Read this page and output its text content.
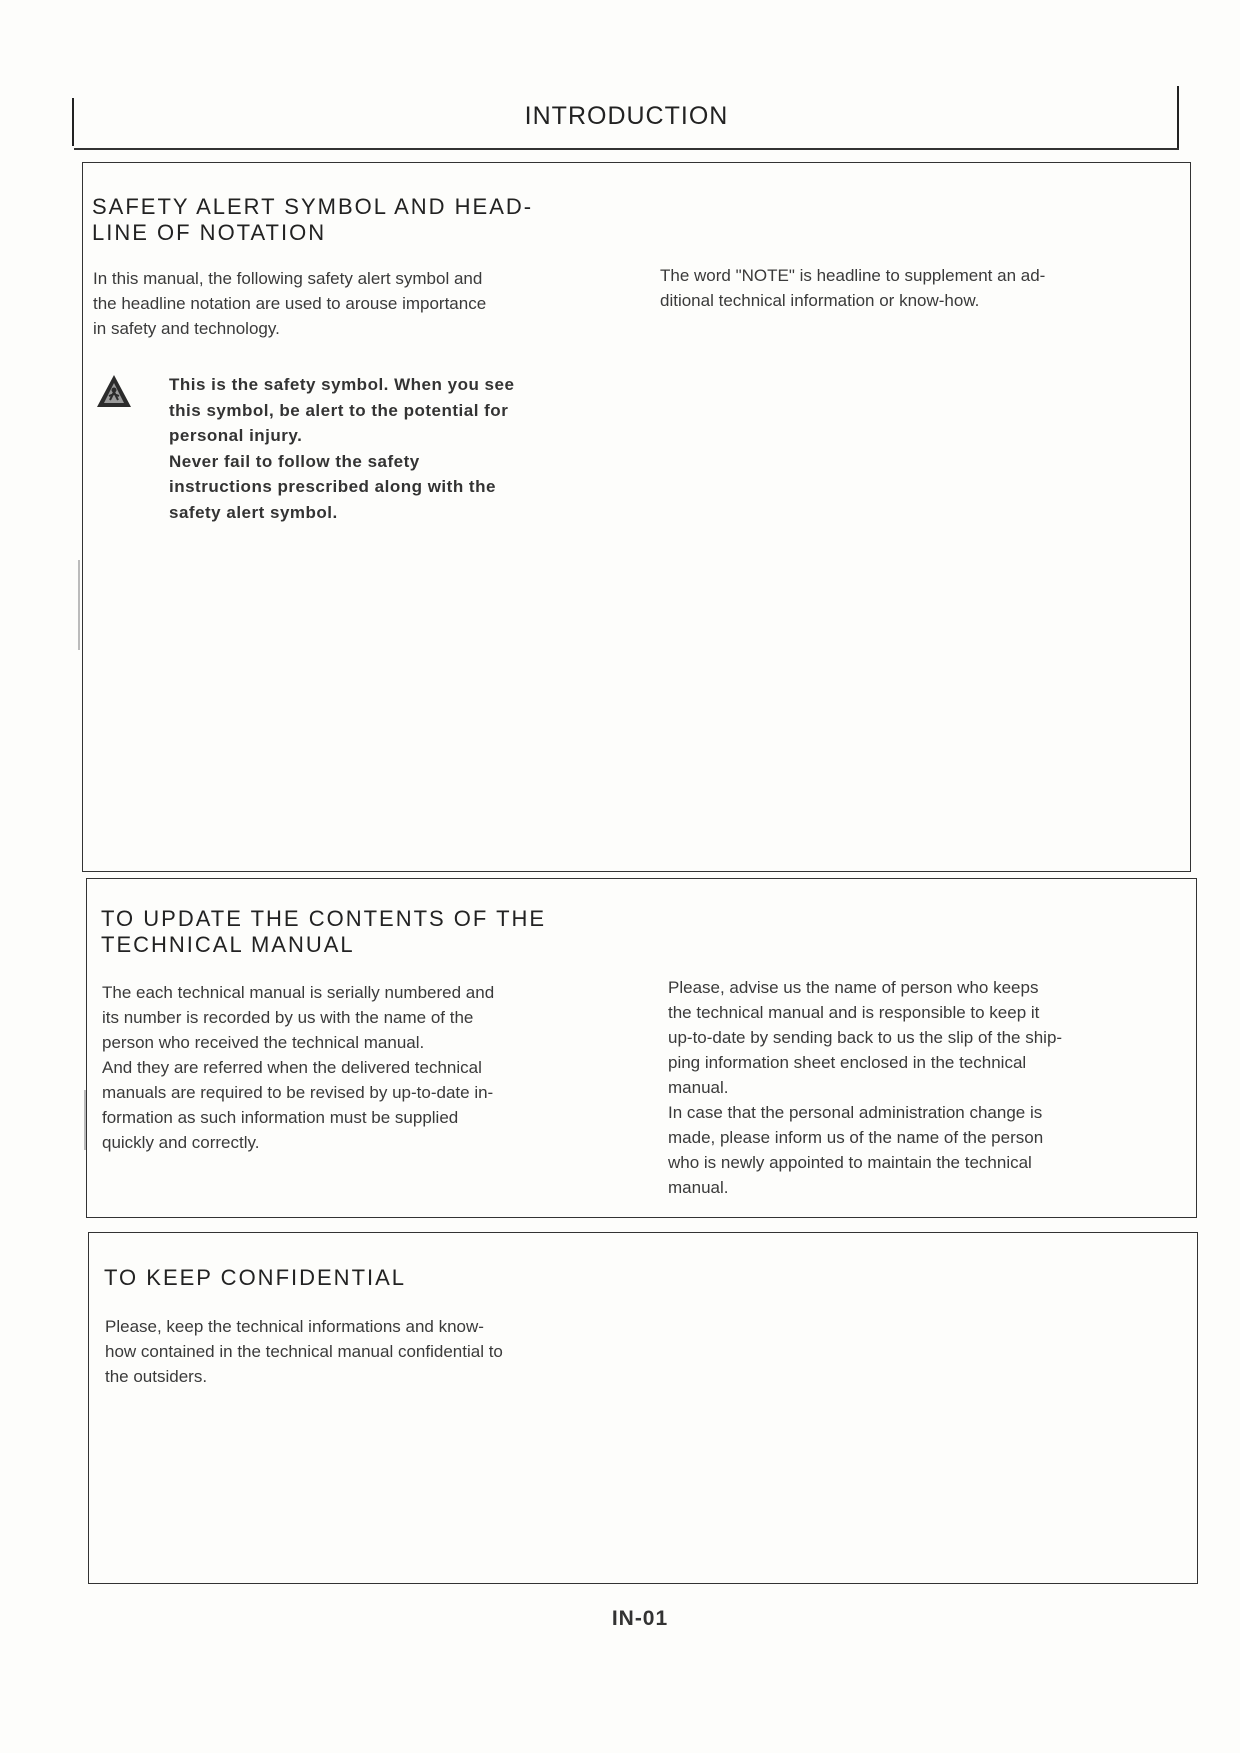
INTRODUCTION
SAFETY ALERT SYMBOL AND HEAD-
LINE OF NOTATION
In this manual, the following safety alert symbol and
the headline notation are used to arouse importance
in safety and technology.
This is the safety symbol. When you see
this symbol, be alert to the potential for
personal injury.
Never fail to follow the safety
instructions prescribed along with the
safety alert symbol.
The word "NOTE" is headline to supplement an ad-
ditional technical information or know-how.
TO UPDATE THE CONTENTS OF THE
TECHNICAL MANUAL
The each technical manual is serially numbered and
its number is recorded by us with the name of the
person who received the technical manual.
And they are referred when the delivered technical
manuals are required to be revised by up-to-date in-
formation as such information must be supplied
quickly and correctly.
Please, advise us the name of person who keeps
the technical manual and is responsible to keep it
up-to-date by sending back to us the slip of the ship-
ping information sheet enclosed in the technical
manual.
In case that the personal administration change is
made, please inform us of the name of the person
who is newly appointed to maintain the technical
manual.
TO KEEP CONFIDENTIAL
Please, keep the technical informations and know-
how contained in the technical manual confidential to
the outsiders.
IN-01
